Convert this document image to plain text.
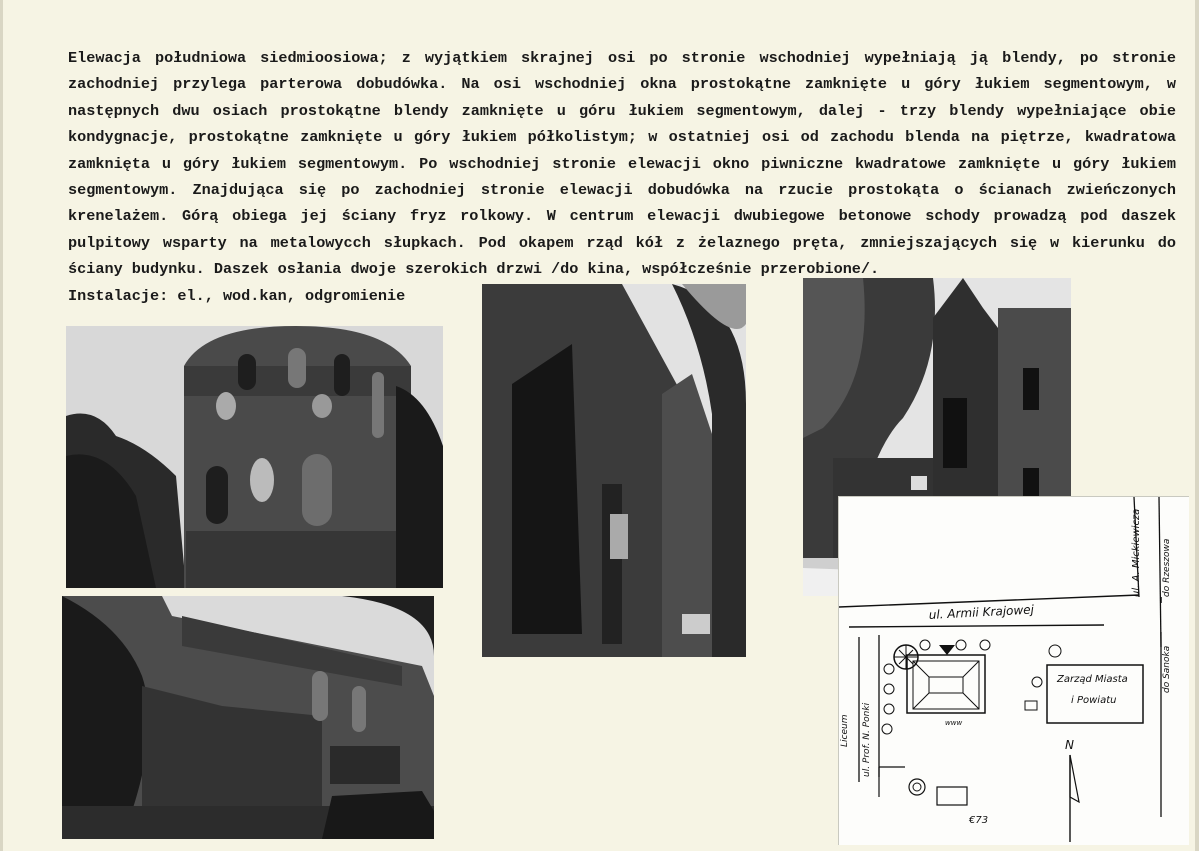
Elewacja południowa siedmioosiowa; z wyjątkiem skrajnej osi po stronie wschodniej wypełniają ją blendy, po stronie zachodniej przylega parterowa dobudówka. Na osi wschodniej okna prostokątne zamknięte u góry łukiem segmentowym, w następnych dwu osiach prostokątne blendy zamknięte u góru łukiem segmentowym, dalej - trzy blendy wypełniające obie kondygnacje, prostokątne zamknięte u góry łukiem półkolistym; w ostatniej osi od zachodu blenda na piętrze, kwadratowa zamknięta u góry łukiem segmentowym. Po wschodniej stronie elewacji okno piwniczne kwadratowe zamknięte u góry łukiem segmentowym. Znajdująca się po zachodniej stronie elewacji dobudówka na rzucie prostokąta o ścianach zwieńczonych krenelażem. Górą obiega jej ściany fryz rolkowy. W centrum elewacji dwubiegowe betonowe schody prowadzą pod daszek pulpitowy wsparty na metalowycch słupkach. Pod okapem rząd kół z żelaznego pręta, zmniejszających się w kierunku do ściany budynku. Daszek osłania dwoje szerokich drzwi /do kina, współcześnie przerobione/.

Instalacje: el., wod.kan, odgromienie

ul. Armii Krajowej
ul. A. Mickiewicza do Rzeszowa
do Sanoka
ul. Prof. N. Ponki
Liceum	www
Zarząd Miasta
i Powiatu
N
€73
